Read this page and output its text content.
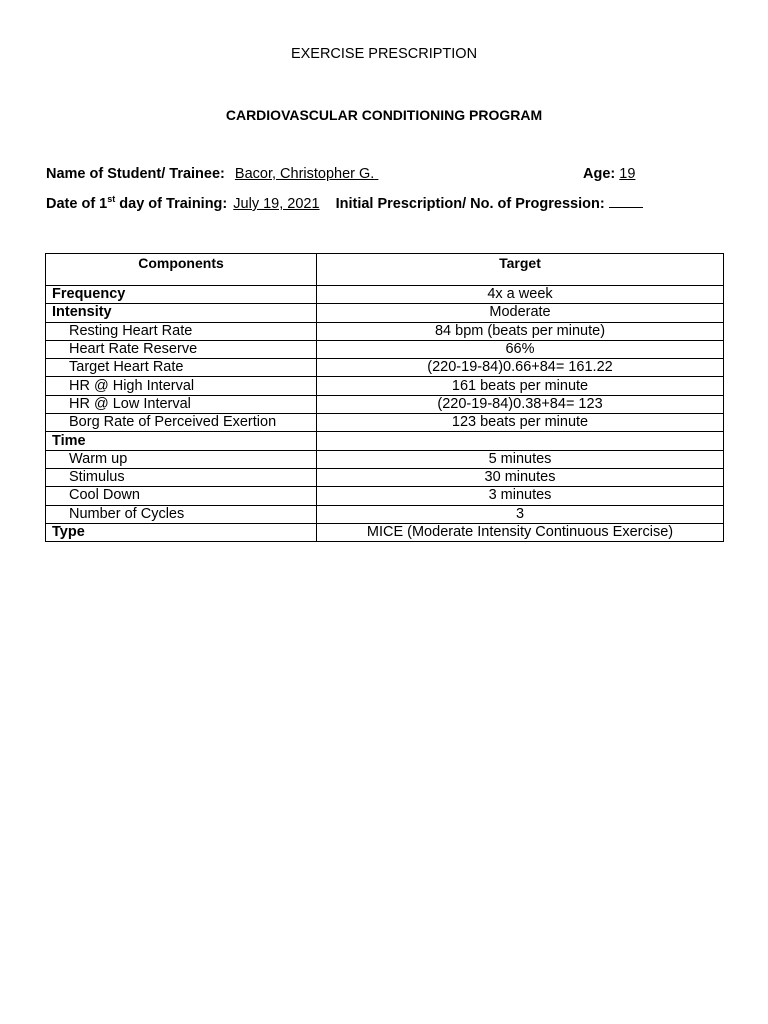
EXERCISE PRESCRIPTION
CARDIOVASCULAR CONDITIONING PROGRAM
Name of Student/ Trainee: Bacor, Christopher G.	Age: 19
Date of 1st day of Training: July 19, 2021 Initial Prescription/ No. of Progression:
Components	Target
Frequency	4x a week
Intensity	Moderate
Resting Heart Rate	84 bpm (beats per minute)
Heart Rate Reserve	66%
Target Heart Rate	(220-19-84)0.66+84= 161.22
HR @ High Interval	161 beats per minute
HR @ Low Interval	(220-19-84)0.38+84= 123
Borg Rate of Perceived Exertion	123 beats per minute
Time	
Warm up	5 minutes
Stimulus	30 minutes
Cool Down	3 minutes
Number of Cycles	3
Type	MICE (Moderate Intensity Continuous Exercise)
